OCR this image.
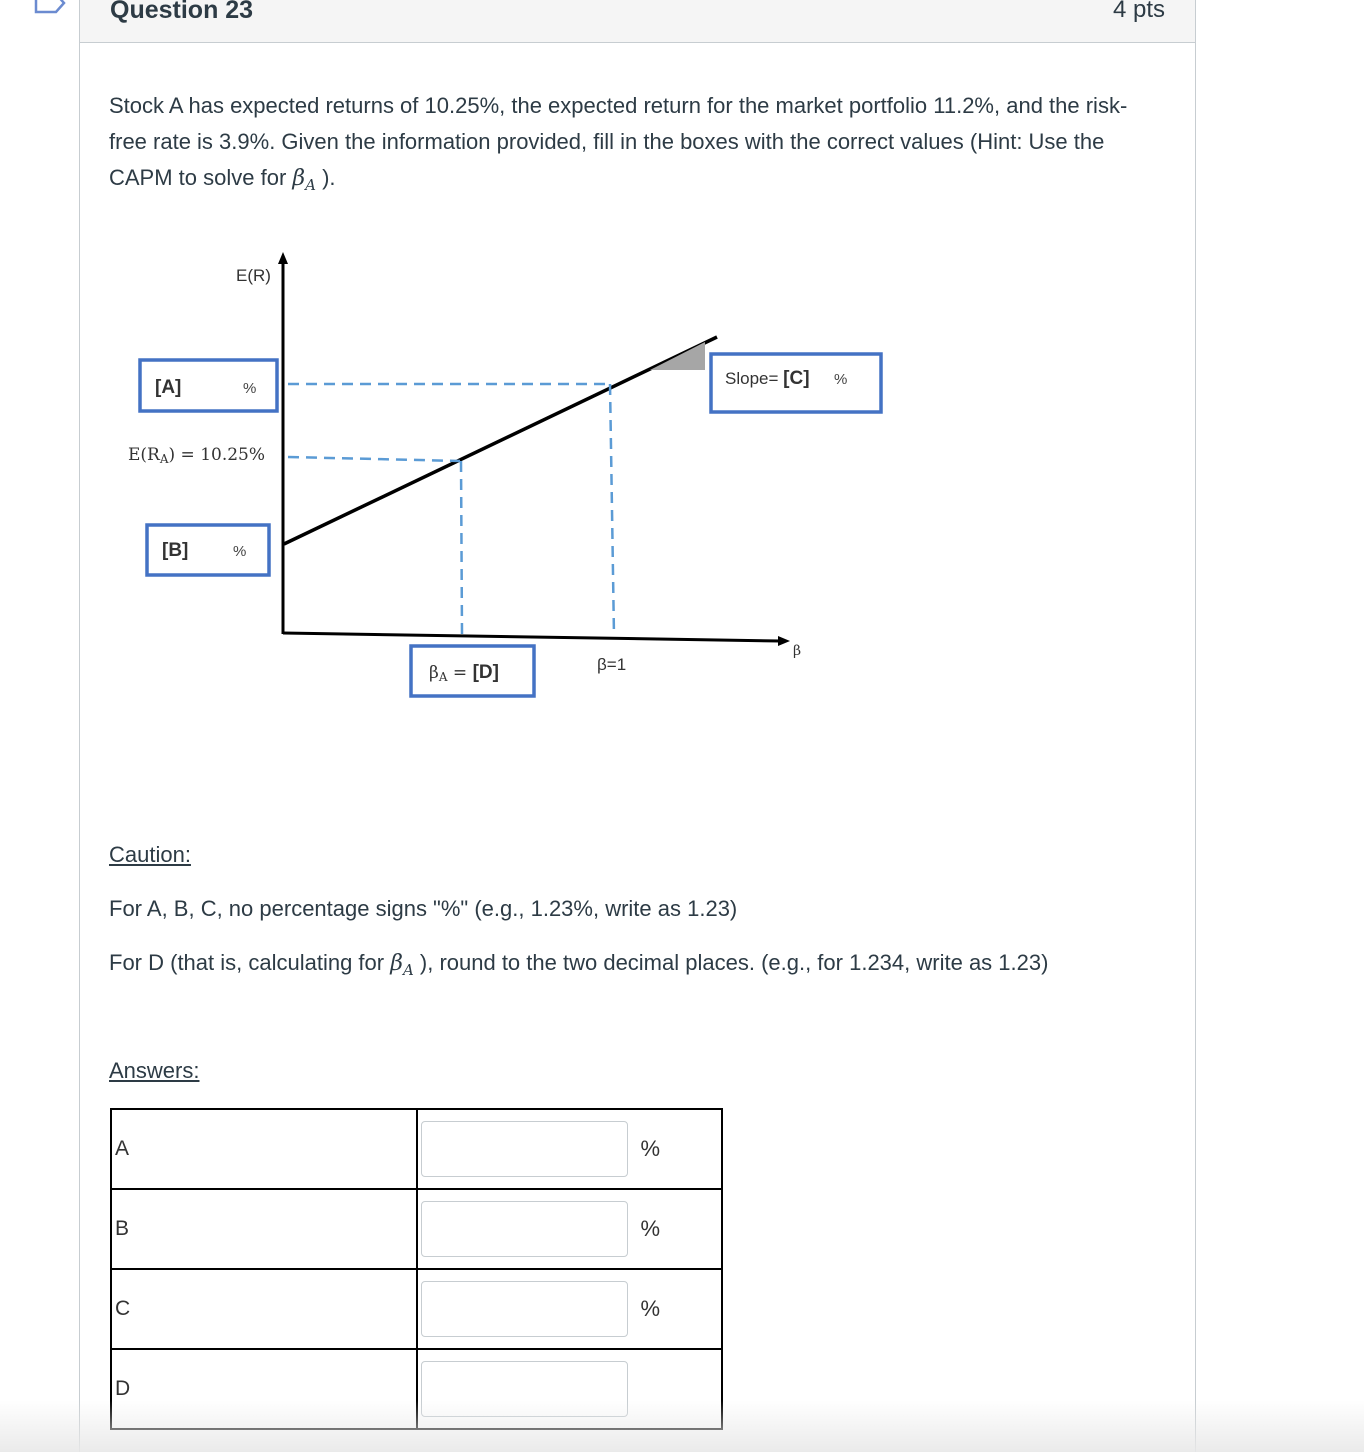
Question 23	4 pts
Stock A has expected returns of 10.25%, the expected return for the market portfolio 11.2%, and the risk-free rate is 3.9%. Given the information provided, fill in the boxes with the correct values (Hint: Use the CAPM to solve for $\beta_A$ ).
E(R)
β
[A]	%
E(RA) = 10.25%
[B]	%
Slope= [C] %
βA = [D]	β=1
Caution:
For A, B, C, no percentage signs "%" (e.g., 1.23%, write as 1.23)
For D (that is, calculating for $\beta_A$ ), round to the two decimal places. (e.g., for 1.234, write as 1.23)
Answers:
A	%
B	%
C	%
D	
